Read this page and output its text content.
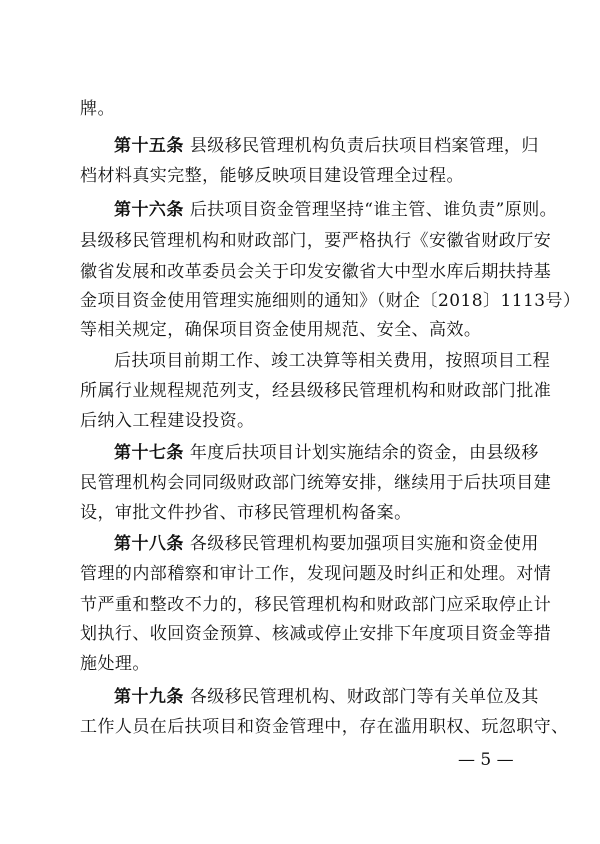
牌。
第十五条 县级移民管理机构负责后扶项目档案管理，归
档材料真实完整，能够反映项目建设管理全过程。
第十六条 后扶项目资金管理坚持“谁主管、谁负责”原则。
县级移民管理机构和财政部门，要严格执行《安徽省财政厅安
徽省发展和改革委员会关于印发安徽省大中型水库后期扶持基
金项目资金使用管理实施细则的通知》（财企〔2018〕1113号）
等相关规定，确保项目资金使用规范、安全、高效。
后扶项目前期工作、竣工决算等相关费用，按照项目工程
所属行业规程规范列支，经县级移民管理机构和财政部门批准
后纳入工程建设投资。
第十七条 年度后扶项目计划实施结余的资金，由县级移
民管理机构会同同级财政部门统筹安排，继续用于后扶项目建
设，审批文件抄省、市移民管理机构备案。
第十八条 各级移民管理机构要加强项目实施和资金使用
管理的内部稽察和审计工作，发现问题及时纠正和处理。对情
节严重和整改不力的，移民管理机构和财政部门应采取停止计
划执行、收回资金预算、核减或停止安排下年度项目资金等措
施处理。
第十九条 各级移民管理机构、财政部门等有关单位及其
工作人员在后扶项目和资金管理中，存在滥用职权、玩忽职守、
— 5 —
